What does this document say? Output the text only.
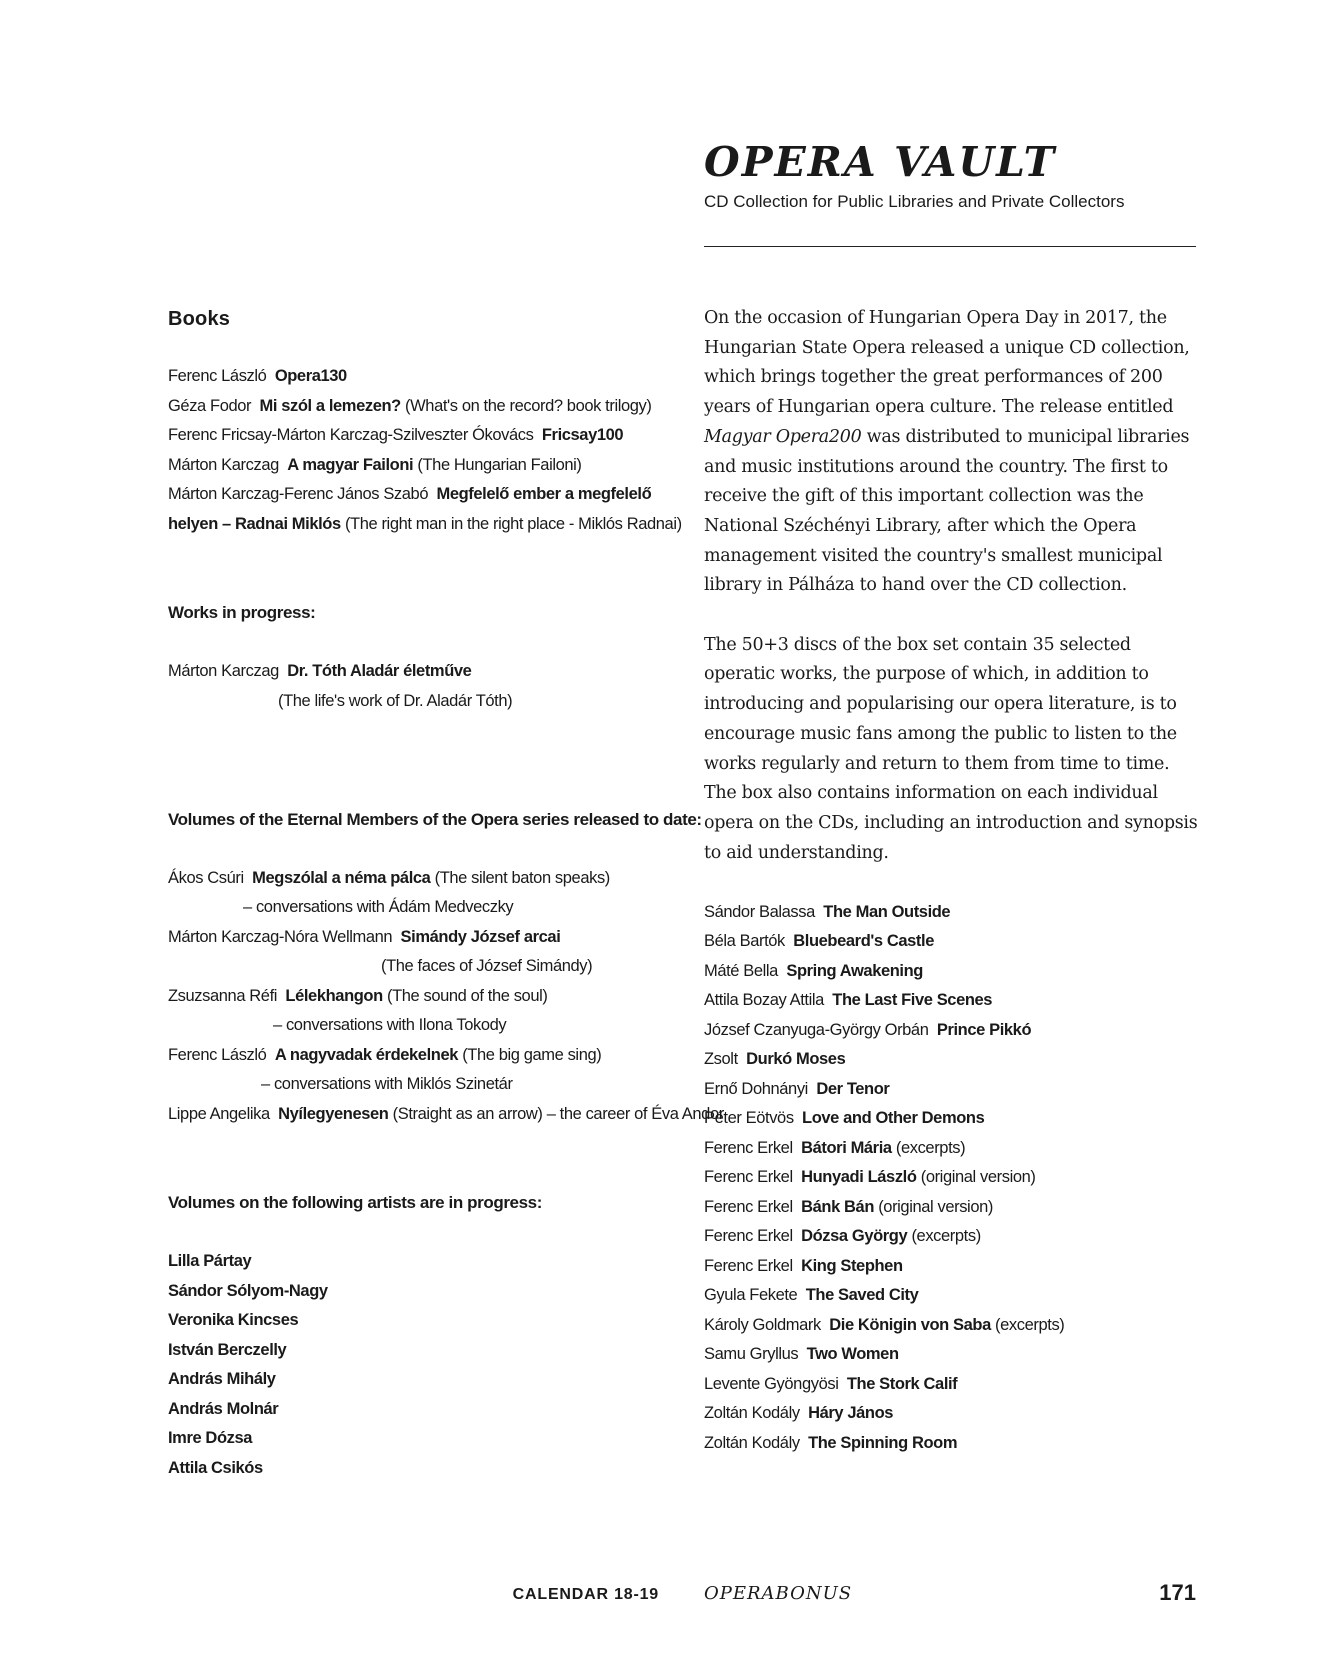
OPERA VAULT
CD Collection for Public Libraries and Private Collectors
Books
Ferenc László Opera130
Géza Fodor Mi szól a lemezen? (What's on the record? book trilogy)
Ferenc Fricsay-Márton Karczag-Szilveszter Ókovács Fricsay100
Márton Karczag A magyar Failoni (The Hungarian Failoni)
Márton Karczag-Ferenc János Szabó Megfelelő ember a megfelelő
helyen – Radnai Miklós (The right man in the right place - Miklós Radnai)
Works in progress:
Márton Karczag Dr. Tóth Aladár életműve
(The life's work of Dr. Aladár Tóth)
Volumes of the Eternal Members of the Opera series released to date:
Ákos Csúri Megszólal a néma pálca (The silent baton speaks)
– conversations with Ádám Medveczky
Márton Karczag-Nóra Wellmann Simándy József arcai
(The faces of József Simándy)
Zsuzsanna Réfi Lélekhangon (The sound of the soul)
– conversations with Ilona Tokody
Ferenc László A nagyvadak érdekelnek (The big game sing)
– conversations with Miklós Szinetár
Lippe Angelika Nyílegyenesen (Straight as an arrow) – the career of Éva Andor
Volumes on the following artists are in progress:
Lilla Pártay
Sándor Sólyom-Nagy
Veronika Kincses
István Berczelly
András Mihály
András Molnár
Imre Dózsa
Attila Csikós

On the occasion of Hungarian Opera Day in 2017, the Hungarian State Opera released a unique CD collection, which brings together the great performances of 200 years of Hungarian opera culture. The release entitled Magyar Opera200 was distributed to municipal libraries and music institutions around the country. The first to receive the gift of this important collection was the National Széchényi Library, after which the Opera management visited the country's smallest municipal library in Pálháza to hand over the CD collection.

The 50+3 discs of the box set contain 35 selected operatic works, the purpose of which, in addition to introducing and popularising our opera literature, is to encourage music fans among the public to listen to the works regularly and return to them from time to time. The box also contains information on each individual opera on the CDs, including an introduction and synopsis to aid understanding.

Sándor Balassa The Man Outside
Béla Bartók Bluebeard's Castle
Máté Bella Spring Awakening
Attila Bozay Attila The Last Five Scenes
József Czanyuga-György Orbán Prince Pikkó
Zsolt Durkó Moses
Ernő Dohnányi Der Tenor
Péter Eötvös Love and Other Demons
Ferenc Erkel Bátori Mária (excerpts)
Ferenc Erkel Hunyadi László (original version)
Ferenc Erkel Bánk Bán (original version)
Ferenc Erkel Dózsa György (excerpts)
Ferenc Erkel King Stephen
Gyula Fekete The Saved City
Károly Goldmark Die Königin von Saba (excerpts)
Samu Gryllus Two Women
Levente Gyöngyösi The Stork Calif
Zoltán Kodály Háry János
Zoltán Kodály The Spinning Room
CALENDAR 18-19	OPERABONUS	171
